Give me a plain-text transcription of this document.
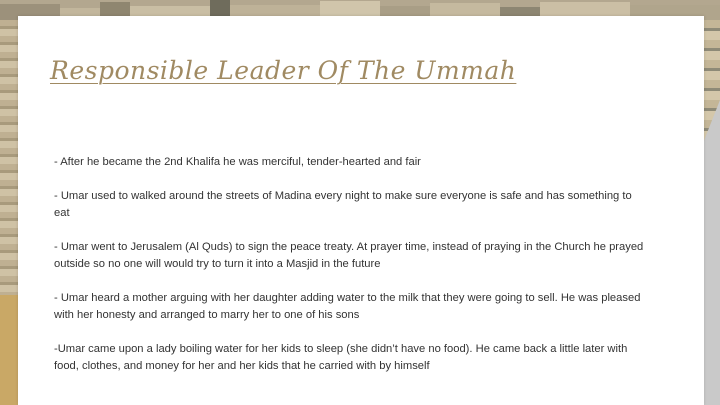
Responsible Leader Of The Ummah
- After he became the 2nd Khalifa he was merciful, tender-hearted and fair
- Umar used to walked around the streets of Madina every night to make sure everyone is safe and has something to eat
- Umar went to Jerusalem (Al Quds) to sign the peace treaty. At prayer time, instead of praying in the Church he prayed outside so no one will would try to turn it into a Masjid in the future
- Umar heard a mother arguing with her daughter adding water to the milk that they were going to sell. He was pleased with her honesty and arranged to marry her to one of his sons
-Umar came upon a lady boiling water for her kids to sleep (she didn’t have no food). He came back a little later with food, clothes, and money for her and her kids that he carried with by himself
